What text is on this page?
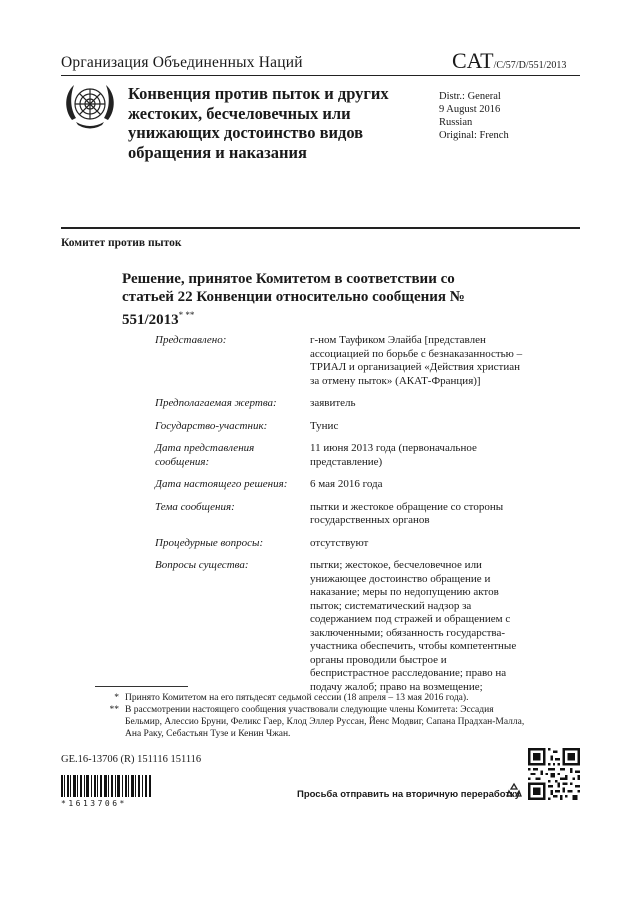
Организация Объединенных Наций	CAT/C/57/D/551/2013
Конвенция против пыток и других жестоких, бесчеловечных или унижающих достоинство видов обращения и наказания
Distr.: General
9 August 2016
Russian
Original: French
Комитет против пыток
Решение, принятое Комитетом в соответствии со статьей 22 Конвенции относительно сообщения № 551/2013* **
Представлено:	г-ном Тауфиком Элайба [представлен ассоциацией по борьбе с безнаказанностью – ТРИАЛ и организацией «Действия христиан за отмену пыток» (АКАТ-Франция)]
Предполагаемая жертва:	заявитель
Государство-участник:	Тунис
Дата представления сообщения:
11 июня 2013 года (первоначальное представление)
Дата настоящего решения:	6 мая 2016 года
Тема сообщения:	пытки и жестокое обращение со стороны государственных органов
Процедурные вопросы:	отсутствуют
Вопросы существа:	пытки; жестокое, бесчеловечное или унижающее достоинство обращение и наказание; меры по недопущению актов пыток; систематический надзор за содержанием под стражей и обращением с заключенными; обязанность государства-участника обеспечить, чтобы компетентные органы проводили быстрое и беспристрастное расследование; право на подачу жалоб; право на возмещение;
* Принято Комитетом на его пятьдесят седьмой сессии (18 апреля – 13 мая 2016 года).
** В рассмотрении настоящего сообщения участвовали следующие члены Комитета: Эссадия Бельмир, Алессио Бруни, Феликс Гаер, Клод Эллер Руссан, Йенс Модвиг, Сапана Прадхан-Малла, Ана Раку, Себастьян Тузе и Кенин Чжан.
GE.16-13706 (R) 151116 151116
*1613706*
Просьба отправить на вторичную переработку
